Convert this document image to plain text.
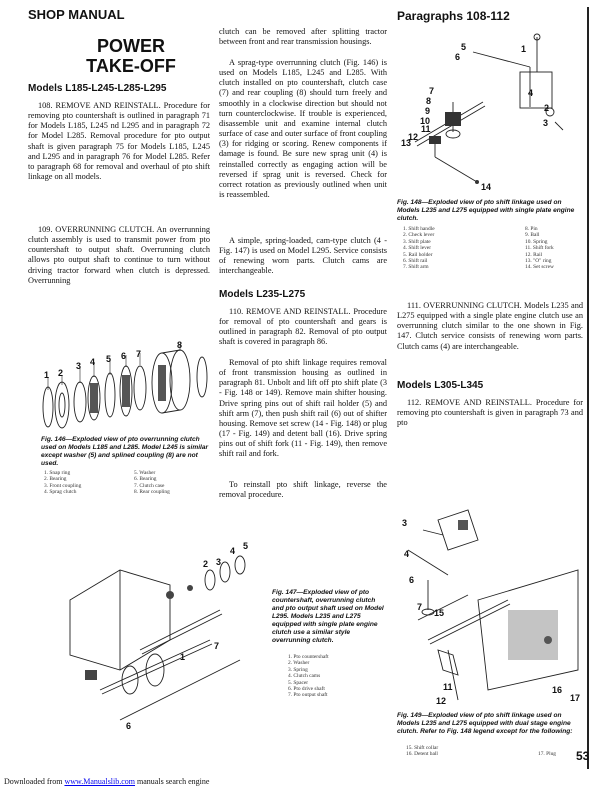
SHOP MANUAL	Paragraphs 108-112
POWER
TAKE-OFF
Models L185-L245-L285-L295
108. REMOVE AND REINSTALL. Procedure for removing pto countershaft is outlined in paragraph 71 for Models L185, L245 nd L295 and in paragraph 72 for Model L285. Removal procedure for pto output shaft is given paragraph 75 for Models L185, L245 and L295 and in paragraph 76 for Model L285. Refer to paragraph 68 for removal and overhaul of pto shift linkage on all models.
109. OVERRUNNING CLUTCH. An overrunning clutch assembly is used to transmit power from pto countershaft to output shaft. Overrunning clutch allows pto output shaft to continue to turn without driving tractor forward when clutch is depressed. Overrunning
1 2
3 4 5 6 7
8
Fig. 146—Exploded view of pto overrunning clutch used on Models L185 and L285. Model L245 is similar except washer (5) and splined coupling (8) are not used.
1. Snap ring
2. Bearing
3. Front coupling
4. Sprag clutch
5. Washer
6. Bearing
7. Clutch case
8. Rear coupling
clutch can be removed after splitting tractor between front and rear transmission housings.
A sprag-type overrunning clutch (Fig. 146) is used on Models L185, L245 and L285. With clutch installed on pto countershaft, clutch case (7) and rear coupling (8) should turn freely and smoothly in a clockwise direction but should not turn counterclockwise. If trouble is experienced, disassemble unit and examine internal clutch surface of case and outer surface of front coupling (3) for ridging or scoring. Renew components if damage is found. Be sure new sprag unit (4) is reinstalled correctly as engaging action will be reversed if sprag unit is reversed. Check for correct rotation as previously outlined when unit is reassembled.
A simple, spring-loaded, cam-type clutch (4 - Fig. 147) is used on Model L295. Service consists of renewing worn parts. Clutch cams are interchangeable.
Models L235-L275
110. REMOVE AND REINSTALL. Procedure for removal of pto countershaft and gears is outlined in paragraph 82. Removal of pto output shaft is covered in paragraph 86.
Removal of pto shift linkage requires removal of front transmission housing as outlined in paragraph 81. Unbolt and lift off pto shift plate (3 - Fig. 148 or 149). Remove main shifter housing. Drive spring pins out of shift rail holder (5) and shift arm (7), then push shift rail (6) out of shifter housing. Remove set screw (14 - Fig. 148) or plug (17 - Fig. 149) and detent ball (16). Drive spring pins out of shift fork (11 - Fig. 149), then remove shift rail and fork.
To reinstall pto shift linkage, reverse the removal procedure.
5
6
1
4
2
3
7
8
9
10
11
12
13
14
Fig. 148—Exploded view of pto shift linkage used on Models L235 and L275 equipped with single plate engine clutch.
1. Shift handle
2. Check lever
3. Shift plate
4. Shift lever
5. Rail holder
6. Shift rail
7. Shift arm
8. Pin
9. Ball
10. Spring
11. Shift fork
12. Rail
13. "O" ring
14. Set screw
111. OVERRUNNING CLUTCH. Models L235 and L275 equipped with a single plate engine clutch use an overrunning clutch similar to the one shown in Fig. 147. Clutch service consists of renewing worn parts. Clutch cams (4) are interchangeable.
Models L305-L345
112. REMOVE AND REINSTALL. Procedure for removing pto countershaft is given in paragraph 73 and pto
2 3
4 5
1
7
6
Fig. 147—Exploded view of pto countershaft, overrunning clutch and pto output shaft used on Model L295. Models L235 and L275 equipped with single plate engine clutch use a similar style overrunning clutch.
1. Pto countershaft
2. Washer
3. Spring
4. Clutch cams
5. Spacer
6. Pto drive shaft
7. Pto output shaft
3
4
6
7
15
11
12
16
17
Fig. 149—Exploded view of pto shift linkage used on Models L235 and L275 equipped with dual stage engine clutch. Refer to Fig. 148 legend except for the following:
15. Shift collar
16. Detent ball	17. Plug 53
Downloaded from www.Manualslib.com manuals search engine
